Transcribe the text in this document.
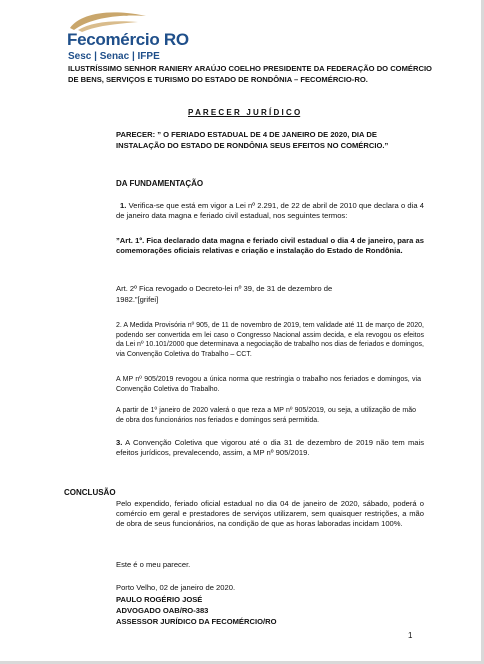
Fecomércio RO
Sesc | Senac | IFPE
ILUSTRÍSSIMO SENHOR RANIERY ARAÚJO COELHO PRESIDENTE DA FEDERAÇÃO DO COMÉRCIO
DE BENS, SERVIÇOS E TURISMO DO ESTADO DE RONDÔNIA – FECOMÉRCIO-RO.
P A R E C E R   J U R Í D I C O
PARECER: ” O FERIADO ESTADUAL DE 4 DE JANEIRO DE 2020, DIA DE
INSTALAÇÃO DO ESTADO DE RONDÔNIA SEUS EFEITOS NO COMÉRCIO.”
DA FUNDAMENTAÇÃO
1. Verifica-se que está em vigor a Lei nº 2.291, de 22 de abril de 2010 que declara o dia 4 de janeiro data magna e feriado civil estadual, nos seguintes termos:
”Art. 1º. Fica declarado data magna e feriado civil estadual o dia 4 de janeiro, para as comemorações oficiais relativas e criação e instalação do Estado de Rondônia.
Art. 2º Fica revogado o Decreto-lei nº 39, de 31 de dezembro de
1982.”[grifei]
2. A Medida Provisória nº 905, de 11 de novembro de 2019, tem validade até 11 de março de 2020, podendo ser convertida em lei caso o Congresso Nacional assim decida, e ela revogou os efeitos da Lei nº 10.101/2000 que determinava a negociação de trabalho nos dias de feriados e domingos, via Convenção Coletiva do Trabalho – CCT.
A MP nº 905/2019 revogou a única norma que restringia o trabalho nos feriados e domingos, via Convenção Coletiva do Trabalho.
A partir de 1º janeiro de 2020 valerá o que reza a MP nº 905/2019, ou seja, a utilização de mão de obra dos funcionários nos feriados e domingos será permitida.
3. A Convenção Coletiva que vigorou até o dia 31 de dezembro de 2019 não tem mais efeitos jurídicos, prevalecendo, assim, a MP nº 905/2019.
CONCLUSÃO
Pelo expendido, feriado oficial estadual no dia 04 de janeiro de 2020, sábado, poderá o comércio em geral e prestadores de serviços utilizarem, sem quaisquer restrições, a mão de obra de seus funcionários, na condição de que as horas laboradas incidam 100%.
Este é o meu parecer.
Porto Velho, 02 de janeiro de 2020.
PAULO ROGÉRIO JOSÉ
ADVOGADO OAB/RO-383
ASSESSOR JURÍDICO DA FECOMÉRCIO/RO
1
